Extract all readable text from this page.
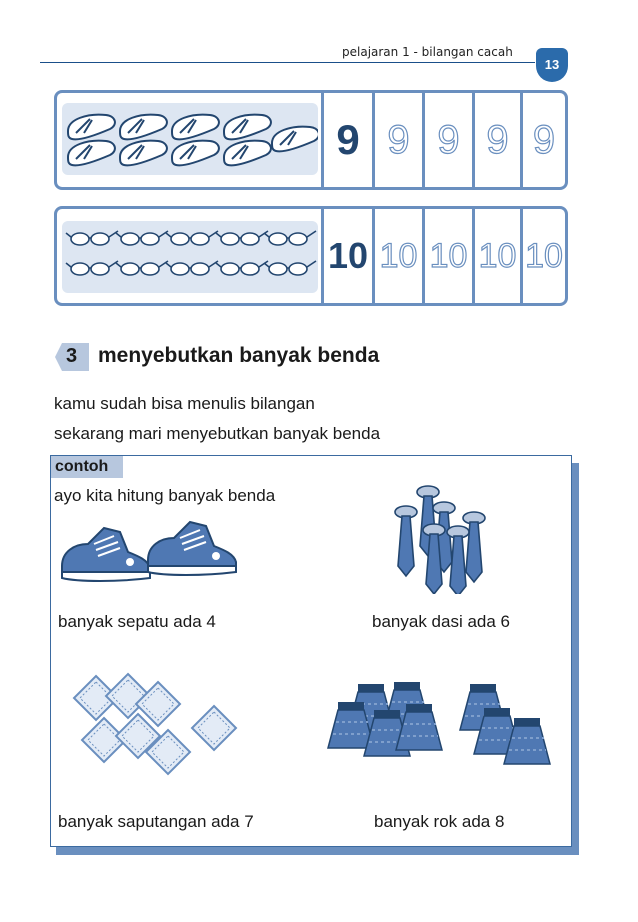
pelajaran 1 - bilangan cacah
13
9 9 9 9 9
10 10 10 10 10
3 menyebutkan banyak benda
kamu sudah bisa menulis bilangan
sekarang mari menyebutkan banyak benda
contoh
ayo kita hitung banyak benda
banyak sepatu ada 4	banyak dasi ada 6
banyak saputangan ada 7	banyak rok ada 8
